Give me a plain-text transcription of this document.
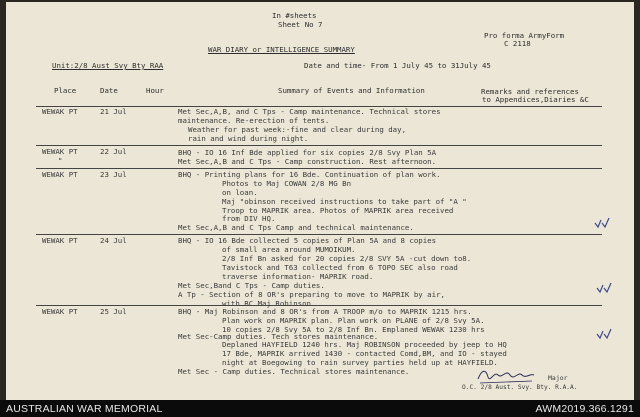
In #sheets
Sheet No 7
Pro forma ArmyForm
C 2118
WAR DIARY or INTELLIGENCE SUMMARY
Unit:2/8 Aust Svy Bty RAA	Date and time- From 1 July 45 to 31July 45
Place	Date	Hour	Summary of Events and Information	Remarks and references
to Appendices,Diaries &C
WEWAK PT	21 Jul	Met Sec,A,B, and C Tps - Camp maintenance. Technical stores
maintenance. Re-erection of tents.
Weather for past week:-fine and clear during day,
rain and wind during night.
WEWAK PT
"
22 Jul	BHQ - IO 16 Inf Bde applied for six copies 2/8 Svy Plan 5A
Met Sec,A,B and C Tps - Camp construction. Rest afternoon.
WEWAK PT	23 Jul	BHQ - Printing plans for 16 Bde. Continuation of plan work.
Photos to Maj COWAN 2/8 MG Bn
on loan.
Maj "obinson received instructions to take part of "A "
Troop to MAPRIK area. Photos of MAPRIK area received
from DIV HQ.
Met Sec,A,B and C Tps Camp and technical maintenance.
WEWAK PT	24 Jul	BHQ - IO 16 Bde collected 5 copies of Plan 5A and 8 copies
of small area around MUMOIKUM.
2/8 Inf Bn asked for 20 copies 2/8 SVY 5A -cut down to8.
Tavistock and T63 collected from 6 TOPO SEC also road
traverse information- MAPRIK road.
Met Sec,Band C Tps - Camp duties.
A Tp - Section of 8 OR's preparing to move to MAPRIK by air,
with BC Maj Robinson.
WEWAK PT	25 Jul	BHQ - Maj Robinson and 8 OR's from A TROOP m/o to MAPRIK 1215 hrs.
Plan work on MAPRIK plan. Plan work on PLANE of 2/8 Svy 5A.
10 copies 2/8 Svy 5A to 2/8 Inf Bn. Emplaned WEWAK 1230 hrs
Met Sec-Camp duties. Tech stores maintenance.
Deplaned HAYFIELD 1240 hrs. Maj ROBINSON proceeded by jeep to HQ
17 Bde, MAPRIK arrived 1430 - contacted Comd,BM, and IO - stayed
night at Boegowing to rain survey parties held up at HAYFIELD.
Met Sec - Camp duties. Technical stores maintenance.
Major
O.C. 2/8 Aust. Svy. Bty. R.A.A.
AUSTRALIAN WAR MEMORIAL	AWM2019.366.1291
